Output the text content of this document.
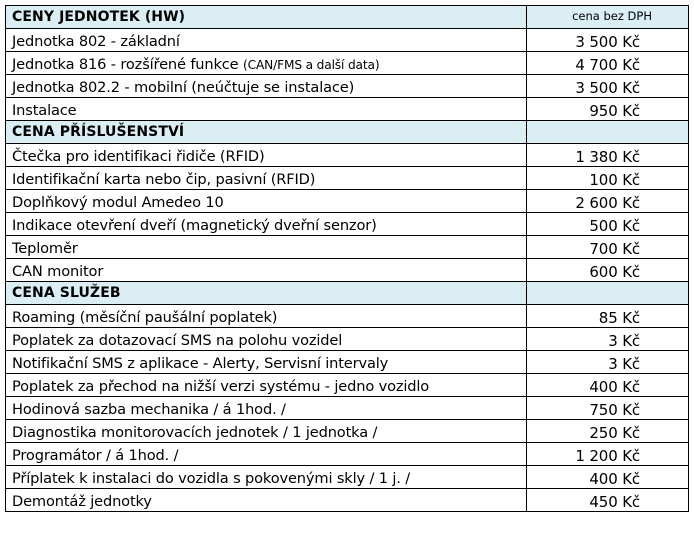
CENY JEDNOTEK (HW)	cena bez DPH
Jednotka 802 - základní	3 500 Kč
Jednotka 816 - rozšířené funkce (CAN/FMS a další data)	4 700 Kč
Jednotka 802.2 - mobilní (neúčtuje se instalace)	3 500 Kč
Instalace	950 Kč
CENA PŘÍSLUŠENSTVÍ	
Čtečka pro identifikaci řidiče (RFID)	1 380 Kč
Identifikační karta nebo čip, pasivní (RFID)	100 Kč
Doplňkový modul Amedeo 10	2 600 Kč
Indikace otevření dveří (magnetický dveřní senzor)	500 Kč
Teploměr	700 Kč
CAN monitor	600 Kč
CENA SLUŽEB	
Roaming (měsíční paušální poplatek)	85 Kč
Poplatek za dotazovací SMS na polohu vozidel	3 Kč
Notifikační SMS z aplikace - Alerty, Servisní intervaly	3 Kč
Poplatek za přechod na nižší verzi systému - jedno vozidlo	400 Kč
Hodinová sazba mechanika / á 1hod. /	750 Kč
Diagnostika monitorovacích jednotek / 1 jednotka /	250 Kč
Programátor / á 1hod. /	1 200 Kč
Příplatek k instalaci do vozidla s pokovenými skly / 1 j. /	400 Kč
Demontáž jednotky	450 Kč
